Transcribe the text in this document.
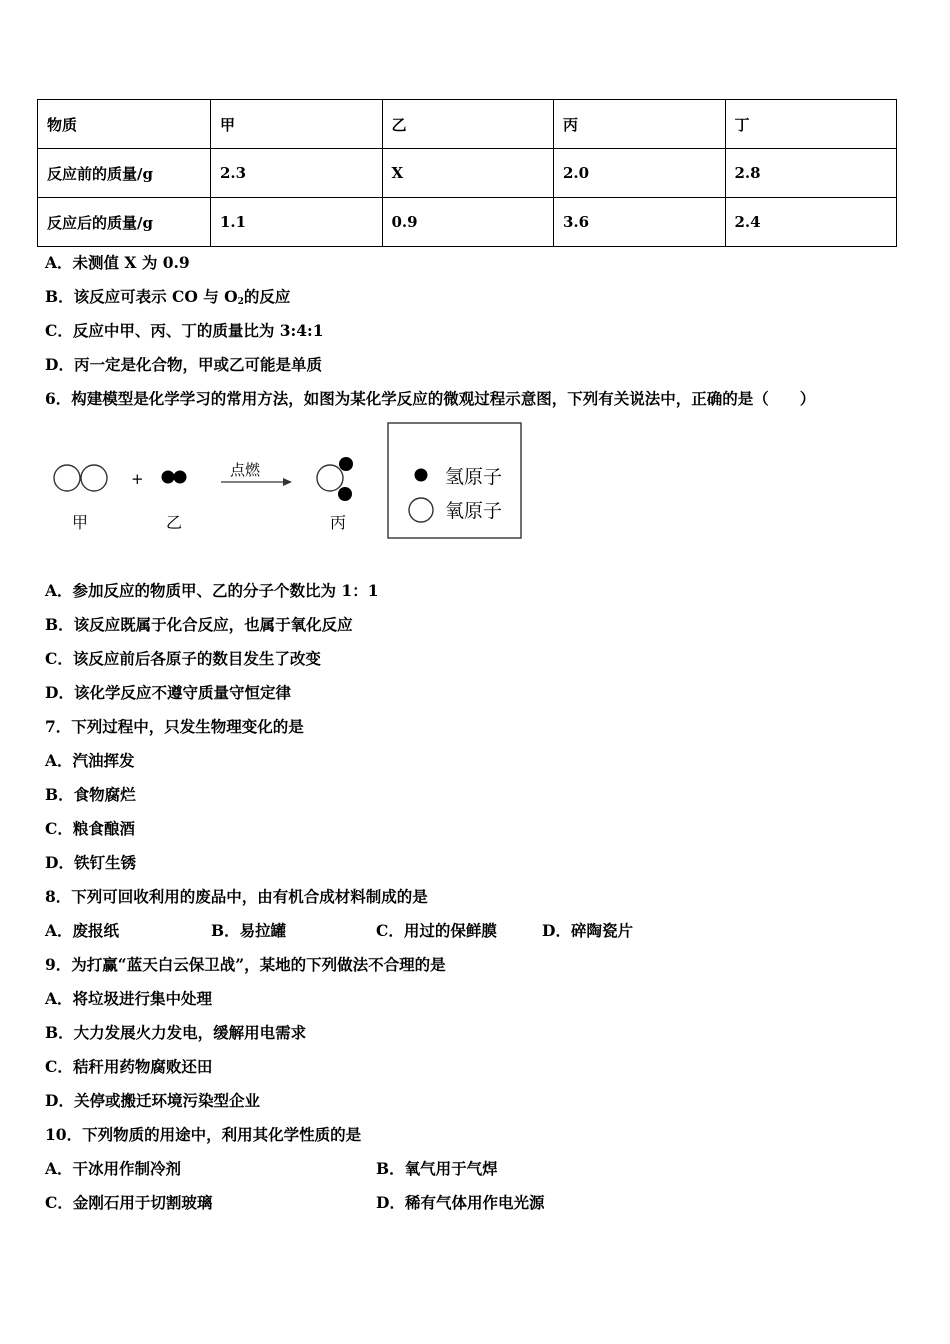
物质	甲	乙	丙	丁
反应前的质量/g	2.3	X	2.0	2.8
反应后的质量/g	1.1	0.9	3.6	2.4
A．未测值 X 为 0.9
B．该反应可表示 CO 与 $O_2$的反应
C．反应中甲、丙、丁的质量比为 3:4:1
D．丙一定是化合物，甲或乙可能是单质
6．构建模型是化学学习的常用方法，如图为某化学反应的微观过程示意图，下列有关说法中，正确的是（　　）
+	点燃
甲	乙	丙
氢原子
氧原子
A．参加反应的物质甲、乙的分子个数比为 1：1
B．该反应既属于化合反应，也属于氧化反应
C．该反应前后各原子的数目发生了改变
D．该化学反应不遵守质量守恒定律
7．下列过程中，只发生物理变化的是
A．汽油挥发
B．食物腐烂
C．粮食酿酒
D．铁钉生锈
8．下列可回收利用的废品中，由有机合成材料制成的是
A．废报纸	B．易拉罐	C．用过的保鲜膜	D．碎陶瓷片
9．为打赢“蓝天白云保卫战”，某地的下列做法不合理的是
A．将垃圾进行集中处理
B．大力发展火力发电，缓解用电需求
C．秸秆用药物腐败还田
D．关停或搬迁环境污染型企业
10．下列物质的用途中，利用其化学性质的是
A．干冰用作制冷剂	B．氧气用于气焊
C．金刚石用于切割玻璃	D．稀有气体用作电光源
